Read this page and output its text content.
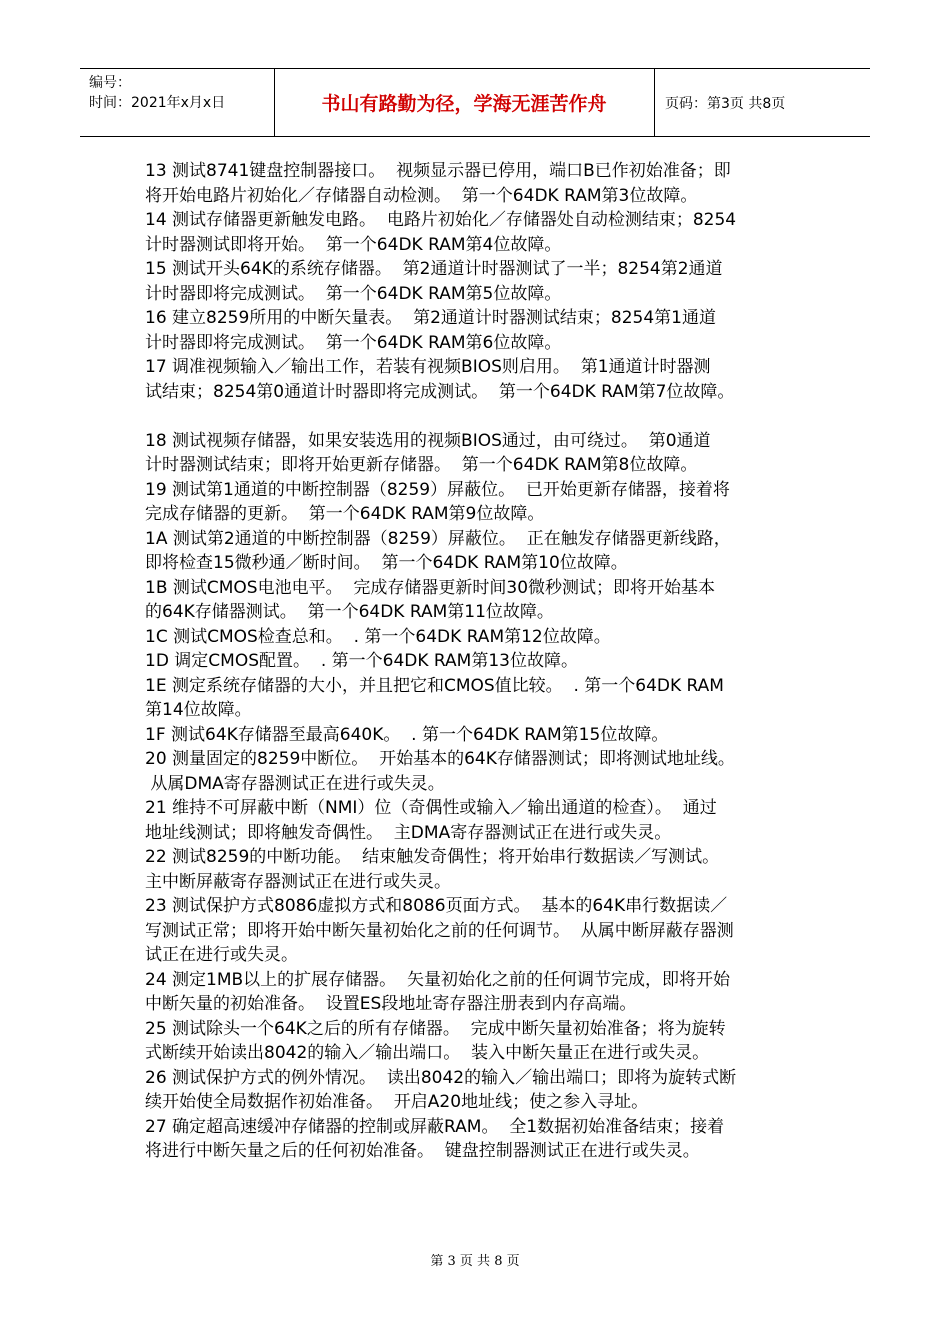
编号：
时间：2021年x月x日	书山有路勤为径，学海无涯苦作舟	页码：第3页 共8页

13 测试8741键盘控制器接口。  视频显示器已停用，端口B已作初始准备；即

将开始电路片初始化／存储器自动检测。  第一个64DK RAM第3位故障。

14 测试存储器更新触发电路。  电路片初始化／存储器处自动检测结束；8254

计时器测试即将开始。  第一个64DK RAM第4位故障。

15 测试开头64K的系统存储器。  第2通道计时器测试了一半；8254第2通道

计时器即将完成测试。  第一个64DK RAM第5位故障。

16 建立8259所用的中断矢量表。  第2通道计时器测试结束；8254第1通道

计时器即将完成测试。  第一个64DK RAM第6位故障。

17 调准视频输入／输出工作，若装有视频BIOS则启用。  第1通道计时器测

试结束；8254第0通道计时器即将完成测试。  第一个64DK RAM第7位故障。

18 测试视频存储器，如果安装选用的视频BIOS通过，由可绕过。  第0通道

计时器测试结束；即将开始更新存储器。  第一个64DK RAM第8位故障。

19 测试第1通道的中断控制器（8259）屏蔽位。  已开始更新存储器，接着将

完成存储器的更新。  第一个64DK RAM第9位故障。

1A 测试第2通道的中断控制器（8259）屏蔽位。  正在触发存储器更新线路，

即将检查15微秒通／断时间。  第一个64DK RAM第10位故障。

1B 测试CMOS电池电平。  完成存储器更新时间30微秒测试；即将开始基本

的64K存储器测试。  第一个64DK RAM第11位故障。

1C 测试CMOS检查总和。  . 第一个64DK RAM第12位故障。

1D 调定CMOS配置。  . 第一个64DK RAM第13位故障。

1E 测定系统存储器的大小，并且把它和CMOS值比较。  . 第一个64DK RAM

第14位故障。

1F 测试64K存储器至最高640K。  . 第一个64DK RAM第15位故障。

20 测量固定的8259中断位。  开始基本的64K存储器测试；即将测试地址线。

从属DMA寄存器测试正在进行或失灵。

21 维持不可屏蔽中断（NMI）位（奇偶性或输入／输出通道的检查）。  通过

地址线测试；即将触发奇偶性。  主DMA寄存器测试正在进行或失灵。

22 测试8259的中断功能。  结束触发奇偶性；将开始串行数据读／写测试。

主中断屏蔽寄存器测试正在进行或失灵。

23 测试保护方式8086虚拟方式和8086页面方式。  基本的64K串行数据读／

写测试正常；即将开始中断矢量初始化之前的任何调节。  从属中断屏蔽存器测

试正在进行或失灵。

24 测定1MB以上的扩展存储器。  矢量初始化之前的任何调节完成，即将开始

中断矢量的初始准备。  设置ES段地址寄存器注册表到内存高端。

25 测试除头一个64K之后的所有存储器。  完成中断矢量初始准备；将为旋转

式断续开始读出8042的输入／输出端口。  装入中断矢量正在进行或失灵。

26 测试保护方式的例外情况。  读出8042的输入／输出端口；即将为旋转式断

续开始使全局数据作初始准备。  开启A20地址线；使之参入寻址。

27 确定超高速缓冲存储器的控制或屏蔽RAM。  全1数据初始准备结束；接着

将进行中断矢量之后的任何初始准备。  键盘控制器测试正在进行或失灵。

第 3 页 共 8 页
